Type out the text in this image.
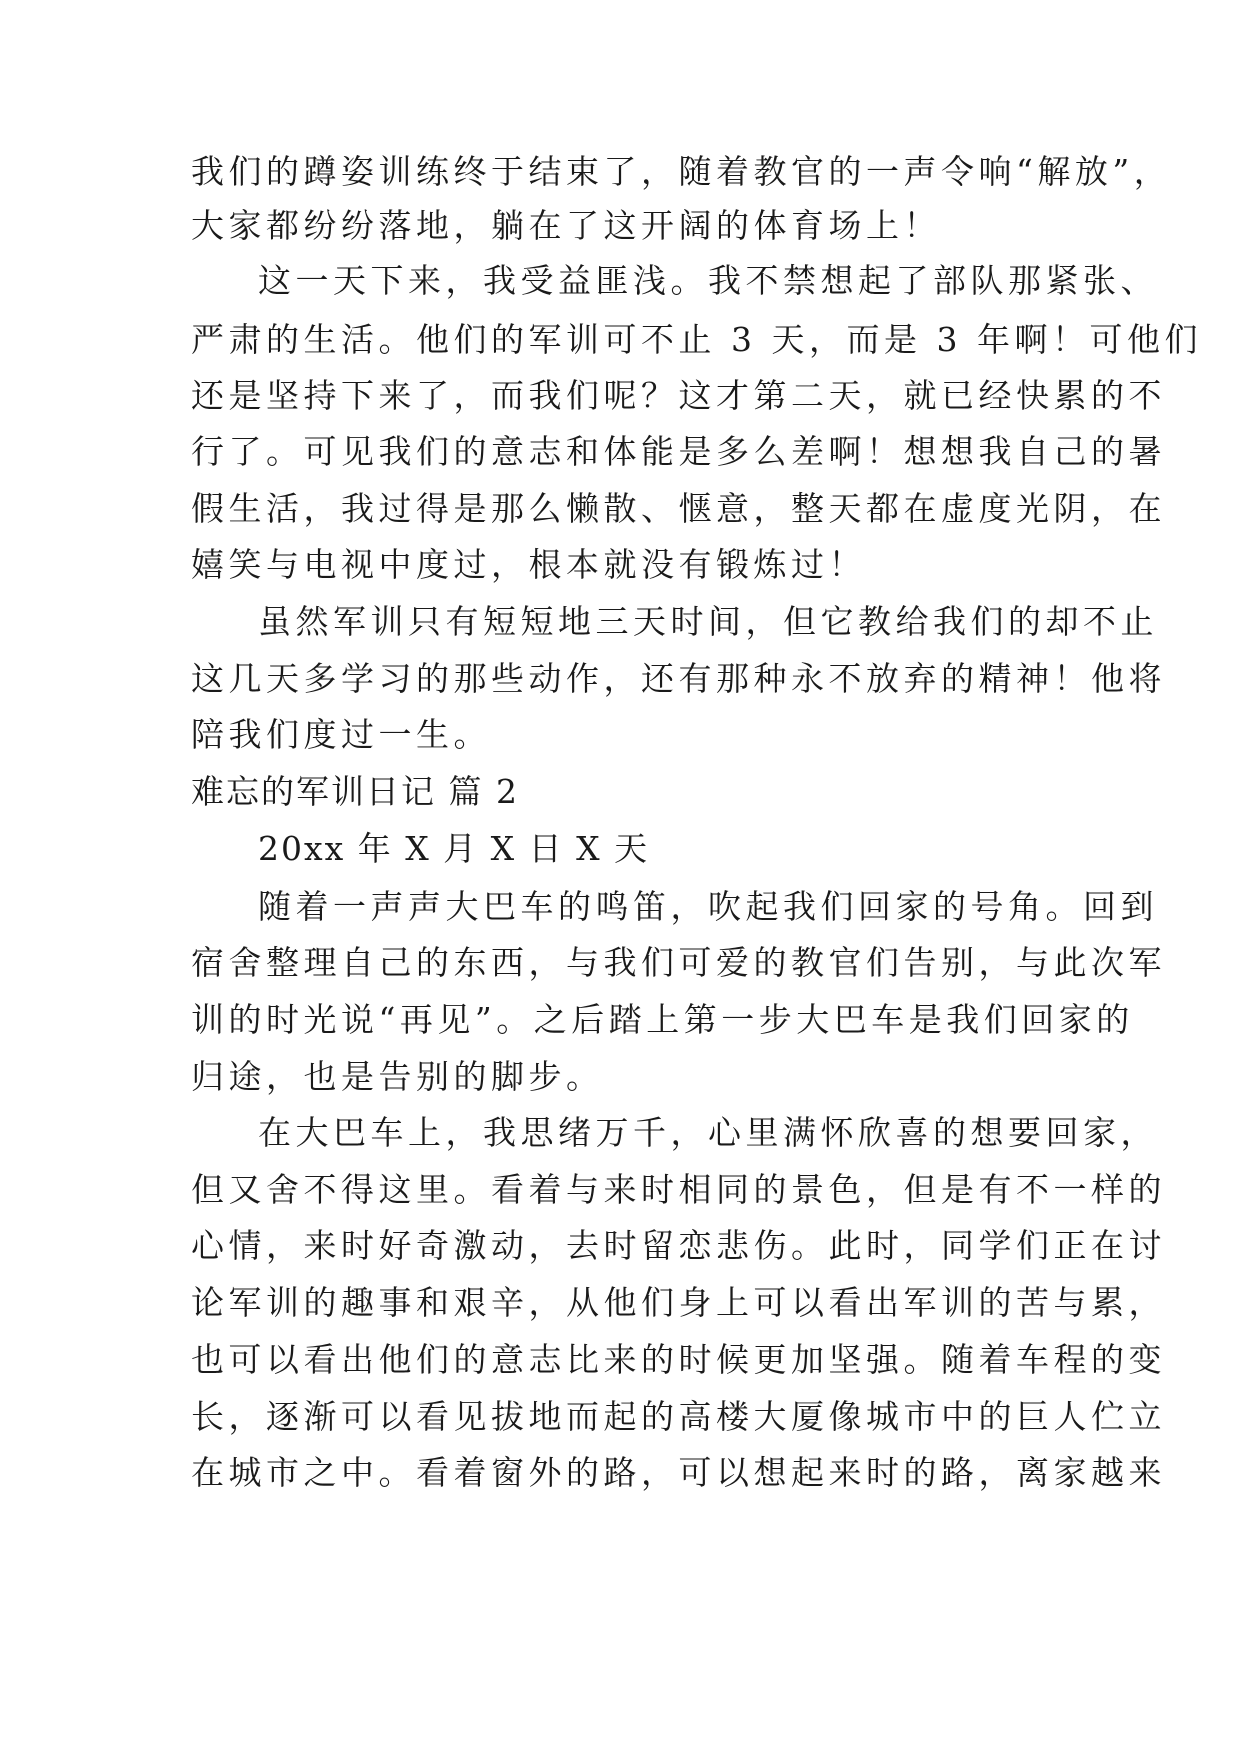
我们的蹲姿训练终于结束了，随着教官的一声令响“解放”，
大家都纷纷落地，躺在了这开阔的体育场上！
这一天下来，我受益匪浅。我不禁想起了部队那紧张、
严肃的生活。他们的军训可不止 3 天，而是 3 年啊！可他们
还是坚持下来了，而我们呢？这才第二天，就已经快累的不
行了。可见我们的意志和体能是多么差啊！想想我自己的暑
假生活，我过得是那么懒散、惬意，整天都在虚度光阴，在
嬉笑与电视中度过，根本就没有锻炼过！
虽然军训只有短短地三天时间，但它教给我们的却不止
这几天多学习的那些动作，还有那种永不放弃的精神！他将
陪我们度过一生。
难忘的军训日记 篇 2
20xx 年 X 月 X 日 X 天
随着一声声大巴车的鸣笛，吹起我们回家的号角。回到
宿舍整理自己的东西，与我们可爱的教官们告别，与此次军
训的时光说“再见”。之后踏上第一步大巴车是我们回家的
归途，也是告别的脚步。
在大巴车上，我思绪万千，心里满怀欣喜的想要回家，
但又舍不得这里。看着与来时相同的景色，但是有不一样的
心情，来时好奇激动，去时留恋悲伤。此时，同学们正在讨
论军训的趣事和艰辛，从他们身上可以看出军训的苦与累，
也可以看出他们的意志比来的时候更加坚强。随着车程的变
长，逐渐可以看见拔地而起的高楼大厦像城市中的巨人伫立
在城市之中。看着窗外的路，可以想起来时的路，离家越来
